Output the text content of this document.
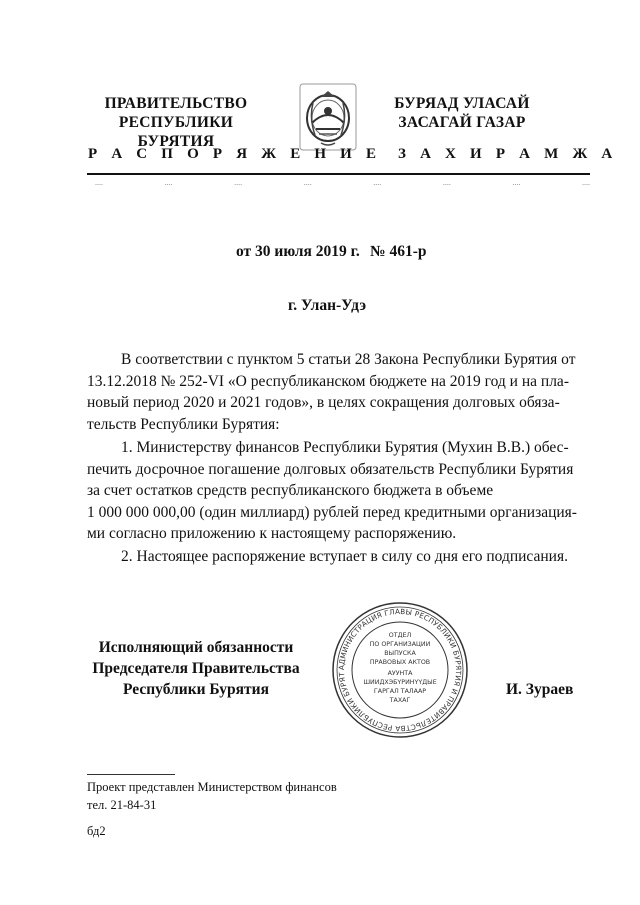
ПРАВИТЕЛЬСТВО
РЕСПУБЛИКИ БУРЯТИЯ
БУРЯАД УЛАСАЙ
ЗАСАГАЙ ГАЗАР
Р А С П О Р Я Ж Е Н И Е З А Х И Р А М Ж А
....	....	....	....	....	....	....	....
от 30 июля 2019 г. № 461-р
г. Улан-Удэ
В соответствии с пунктом 5 статьи 28 Закона Республики Бурятия от
13.12.2018 № 252-VI «О республиканском бюджете на 2019 год и на пла-
новый период 2020 и 2021 годов», в целях сокращения долговых обяза-
тельств Республики Бурятия:
1. Министерству финансов Республики Бурятия (Мухин В.В.) обес-
печить досрочное погашение долговых обязательств Республики Бурятия
за счет остатков средств республиканского бюджета в объеме
1 000 000 000,00 (один миллиард) рублей перед кредитными организация-
ми согласно приложению к настоящему распоряжению.
2. Настоящее распоряжение вступает в силу со дня его подписания.
Исполняющий обязанности
Председателя Правительства
Республики Бурятия
АДМИНИСТРАЦИЯ ГЛАВЫ РЕСПУБЛИКИ БУРЯТИЯ И ПРАВИТЕЛЬСТВА РЕСПУБЛИКИ БУРЯТ
ОТДЕЛ
ПО ОРГАНИЗАЦИИ
ВЫПУСКА
ПРАВОВЫХ АКТОВ
АУУНТА
ШИИДХЭБҮРИНҮҮДЫЕ
ГАРГАЛ ТАЛААР
ТАХАГ
И. Зураев
Проект представлен Министерством финансов
тел. 21-84-31
бд2
